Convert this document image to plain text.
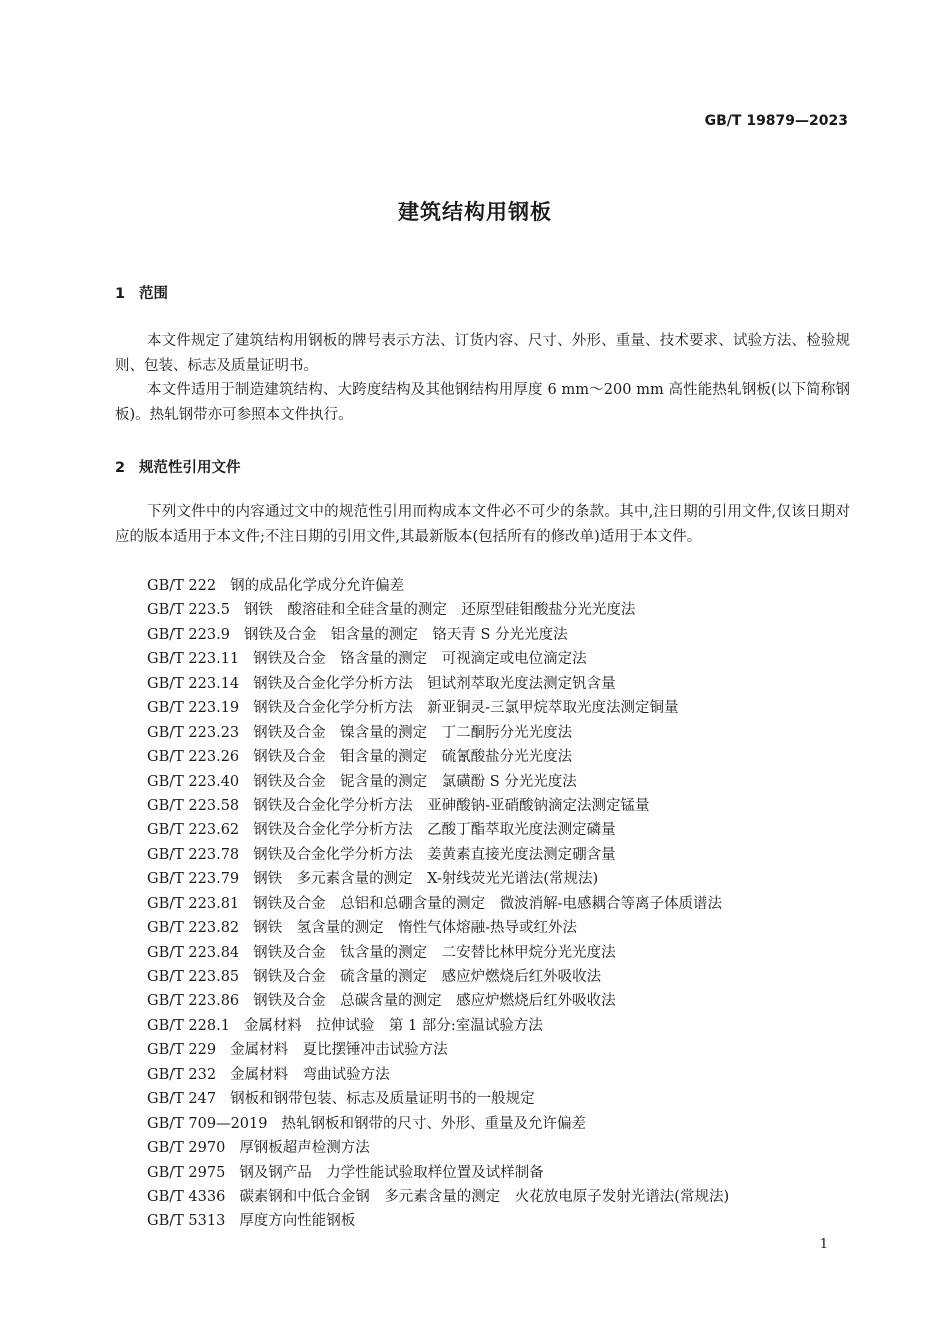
GB/T 19879—2023
建筑结构用钢板
1 范围

本文件规定了建筑结构用钢板的牌号表示方法、订货内容、尺寸、外形、重量、技术要求、试验方法、检验规则、包装、标志及质量证明书。

本文件适用于制造建筑结构、大跨度结构及其他钢结构用厚度 6 mm～200 mm 高性能热轧钢板(以下简称钢板)。热轧钢带亦可参照本文件执行。

2 规范性引用文件

下列文件中的内容通过文中的规范性引用而构成本文件必不可少的条款。其中,注日期的引用文件,仅该日期对应的版本适用于本文件;不注日期的引用文件,其最新版本(包括所有的修改单)适用于本文件。

GB/T 222 钢的成品化学成分允许偏差
GB/T 223.5 钢铁　酸溶硅和全硅含量的测定　还原型硅钼酸盐分光光度法
GB/T 223.9 钢铁及合金　铝含量的测定　铬天青 S 分光光度法
GB/T 223.11 钢铁及合金　铬含量的测定　可视滴定或电位滴定法
GB/T 223.14 钢铁及合金化学分析方法　钽试剂萃取光度法测定钒含量
GB/T 223.19 钢铁及合金化学分析方法　新亚铜灵-三氯甲烷萃取光度法测定铜量
GB/T 223.23 钢铁及合金　镍含量的测定　丁二酮肟分光光度法
GB/T 223.26 钢铁及合金　钼含量的测定　硫氰酸盐分光光度法
GB/T 223.40 钢铁及合金　铌含量的测定　氯磺酚 S 分光光度法
GB/T 223.58 钢铁及合金化学分析方法　亚砷酸钠-亚硝酸钠滴定法测定锰量
GB/T 223.62 钢铁及合金化学分析方法　乙酸丁酯萃取光度法测定磷量
GB/T 223.78 钢铁及合金化学分析方法　姜黄素直接光度法测定硼含量
GB/T 223.79 钢铁　多元素含量的测定　X-射线荧光光谱法(常规法)
GB/T 223.81 钢铁及合金　总铝和总硼含量的测定　微波消解-电感耦合等离子体质谱法
GB/T 223.82 钢铁　氢含量的测定　惰性气体熔融-热导或红外法
GB/T 223.84 钢铁及合金　钛含量的测定　二安替比林甲烷分光光度法
GB/T 223.85 钢铁及合金　硫含量的测定　感应炉燃烧后红外吸收法
GB/T 223.86 钢铁及合金　总碳含量的测定　感应炉燃烧后红外吸收法
GB/T 228.1 金属材料　拉伸试验　第 1 部分:室温试验方法
GB/T 229 金属材料　夏比摆锤冲击试验方法
GB/T 232 金属材料　弯曲试验方法
GB/T 247 钢板和钢带包装、标志及质量证明书的一般规定
GB/T 709—2019 热轧钢板和钢带的尺寸、外形、重量及允许偏差
GB/T 2970 厚钢板超声检测方法
GB/T 2975 钢及钢产品　力学性能试验取样位置及试样制备
GB/T 4336 碳素钢和中低合金钢　多元素含量的测定　火花放电原子发射光谱法(常规法)
GB/T 5313 厚度方向性能钢板
1
